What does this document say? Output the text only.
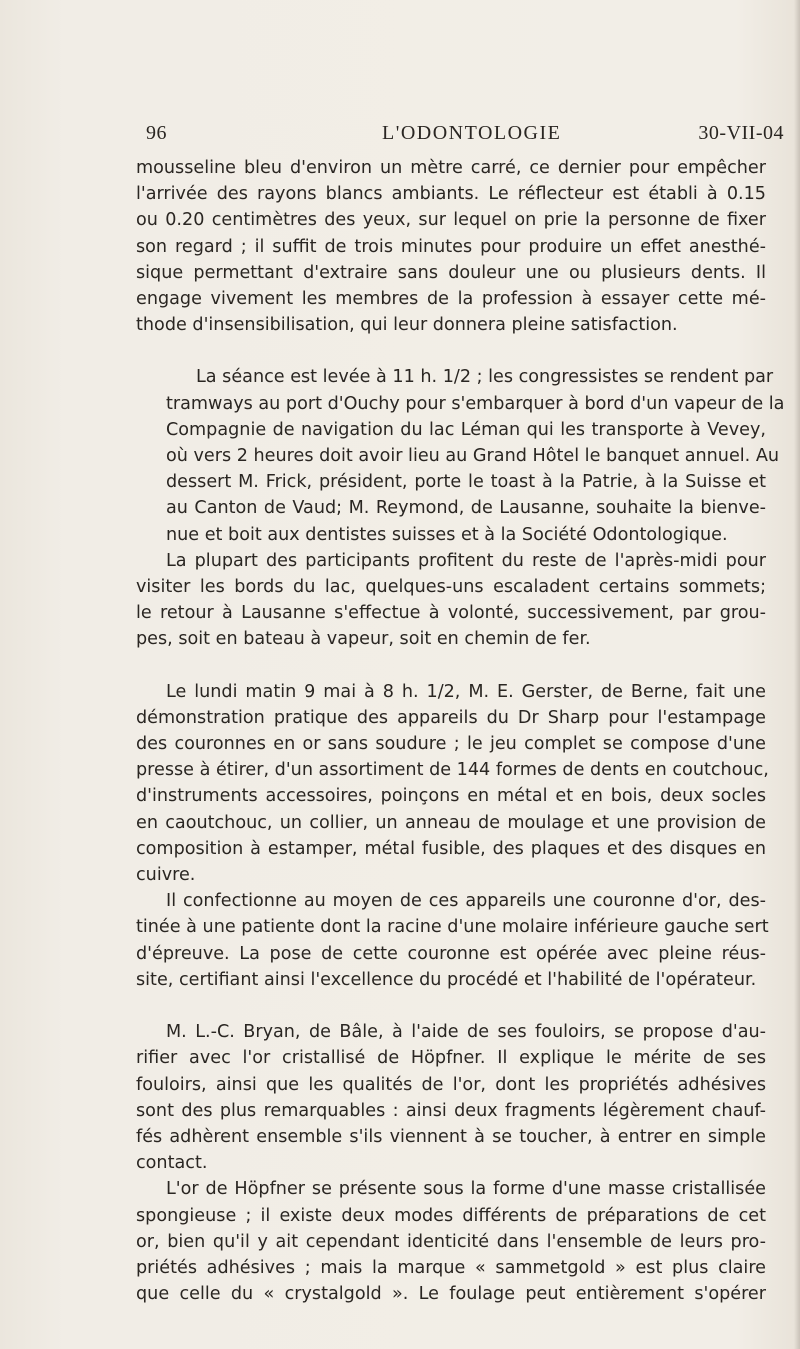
96	L'ODONTOLOGIE	30-VII-04

mousseline bleu d'environ un mètre carré, ce dernier pour empêcher
l'arrivée des rayons blancs ambiants. Le réflecteur est établi à 0.15
ou 0.20 centimètres des yeux, sur lequel on prie la personne de fixer
son regard ; il suffit de trois minutes pour produire un effet anesthé-
sique permettant d'extraire sans douleur une ou plusieurs dents. Il
engage vivement les membres de la profession à essayer cette mé-
thode d'insensibilisation, qui leur donnera pleine satisfaction.

La séance est levée à 11 h. 1/2 ; les congressistes se rendent par
tramways au port d'Ouchy pour s'embarquer à bord d'un vapeur de la
Compagnie de navigation du lac Léman qui les transporte à Vevey,
où vers 2 heures doit avoir lieu au Grand Hôtel le banquet annuel. Au
dessert M. Frick, président, porte le toast à la Patrie, à la Suisse et
au Canton de Vaud; M. Reymond, de Lausanne, souhaite la bienve-
nue et boit aux dentistes suisses et à la Société Odontologique.

La plupart des participants profitent du reste de l'après-midi pour
visiter les bords du lac, quelques-uns escaladent certains sommets;
le retour à Lausanne s'effectue à volonté, successivement, par grou-
pes, soit en bateau à vapeur, soit en chemin de fer.

Le lundi matin 9 mai à 8 h. 1/2, M. E. Gerster, de Berne, fait une
démonstration pratique des appareils du Dr Sharp pour l'estampage
des couronnes en or sans soudure ; le jeu complet se compose d'une
presse à étirer, d'un assortiment de 144 formes de dents en coutchouc,
d'instruments accessoires, poinçons en métal et en bois, deux socles
en caoutchouc, un collier, un anneau de moulage et une provision de
composition à estamper, métal fusible, des plaques et des disques en
cuivre.

Il confectionne au moyen de ces appareils une couronne d'or, des-
tinée à une patiente dont la racine d'une molaire inférieure gauche sert
d'épreuve. La pose de cette couronne est opérée avec pleine réus-
site, certifiant ainsi l'excellence du procédé et l'habilité de l'opérateur.

M. L.-C. Bryan, de Bâle, à l'aide de ses fouloirs, se propose d'au-
rifier avec l'or cristallisé de Höpfner. Il explique le mérite de ses
fouloirs, ainsi que les qualités de l'or, dont les propriétés adhésives
sont des plus remarquables : ainsi deux fragments légèrement chauf-
fés adhèrent ensemble s'ils viennent à se toucher, à entrer en simple
contact.

L'or de Höpfner se présente sous la forme d'une masse cristallisée
spongieuse ; il existe deux modes différents de préparations de cet
or, bien qu'il y ait cependant identicité dans l'ensemble de leurs pro-
priétés adhésives ; mais la marque « sammetgold » est plus claire
que celle du « crystalgold ». Le foulage peut entièrement s'opérer
